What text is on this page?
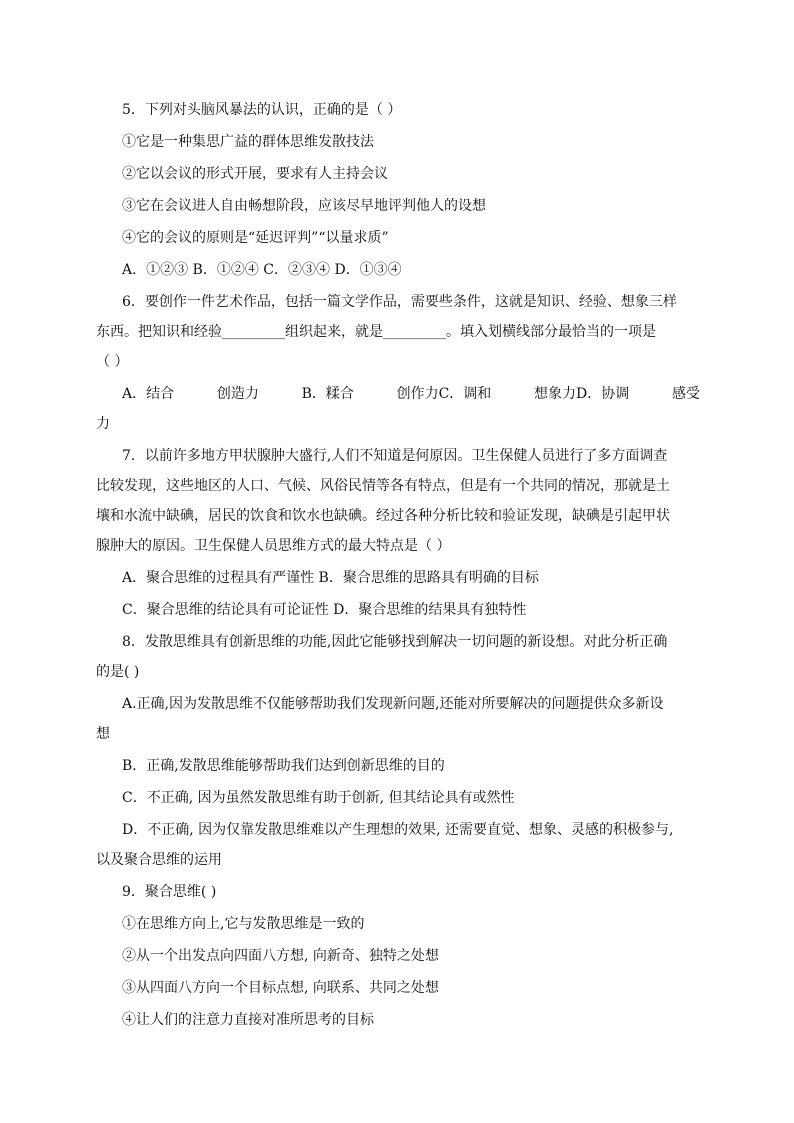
5．下列对头脑风暴法的认识，正确的是（ ）
①它是一种集思广益的群体思维发散技法
②它以会议的形式开展，要求有人主持会议
③它在会议进人自由畅想阶段，应该尽早地评判他人的设想
④它的会议的原则是“延迟评判”“以量求质”
A．①②③ B．①②④ C．②③④ D．①③④
6．要创作一件艺术作品，包括一篇文学作品，需要些条件，这就是知识、经验、想象三样
东西。把知识和经验_________组织起来，就是_________。填入划横线部分最恰当的一项是
（ ）
A．结合	创造力	B．糅合	创作力C．调和	想象力D．协调	感受
力
7．以前许多地方甲状腺肿大盛行,人们不知道是何原因。卫生保健人员进行了多方面调查
比较发现，这些地区的人口、气候、风俗民情等各有特点，但是有一个共同的情况，那就是土
壤和水流中缺碘，居民的饮食和饮水也缺碘。经过各种分析比较和验证发现，缺碘是引起甲状
腺肿大的原因。卫生保健人员思维方式的最大特点是（ ）
A．聚合思维的过程具有严谨性 B．聚合思维的思路具有明确的目标
C．聚合思维的结论具有可论证性 D．聚合思维的结果具有独特性
8．发散思维具有创新思维的功能,因此它能够找到解决一切问题的新设想。对此分析正确
的是( )
A.正确,因为发散思维不仅能够帮助我们发现新问题,还能对所要解决的问题提供众多新设
想
B．正确,发散思维能够帮助我们达到创新思维的目的
C．不正确, 因为虽然发散思维有助于创新, 但其结论具有或然性
D．不正确, 因为仅靠发散思维难以产生理想的效果, 还需要直觉、想象、灵感的积极参与,
以及聚合思维的运用
9．聚合思维( )
①在思维方向上,它与发散思维是一致的
②从一个出发点向四面八方想, 向新奇、独特之处想
③从四面八方向一个目标点想, 向联系、共同之处想
④让人们的注意力直接对准所思考的目标
